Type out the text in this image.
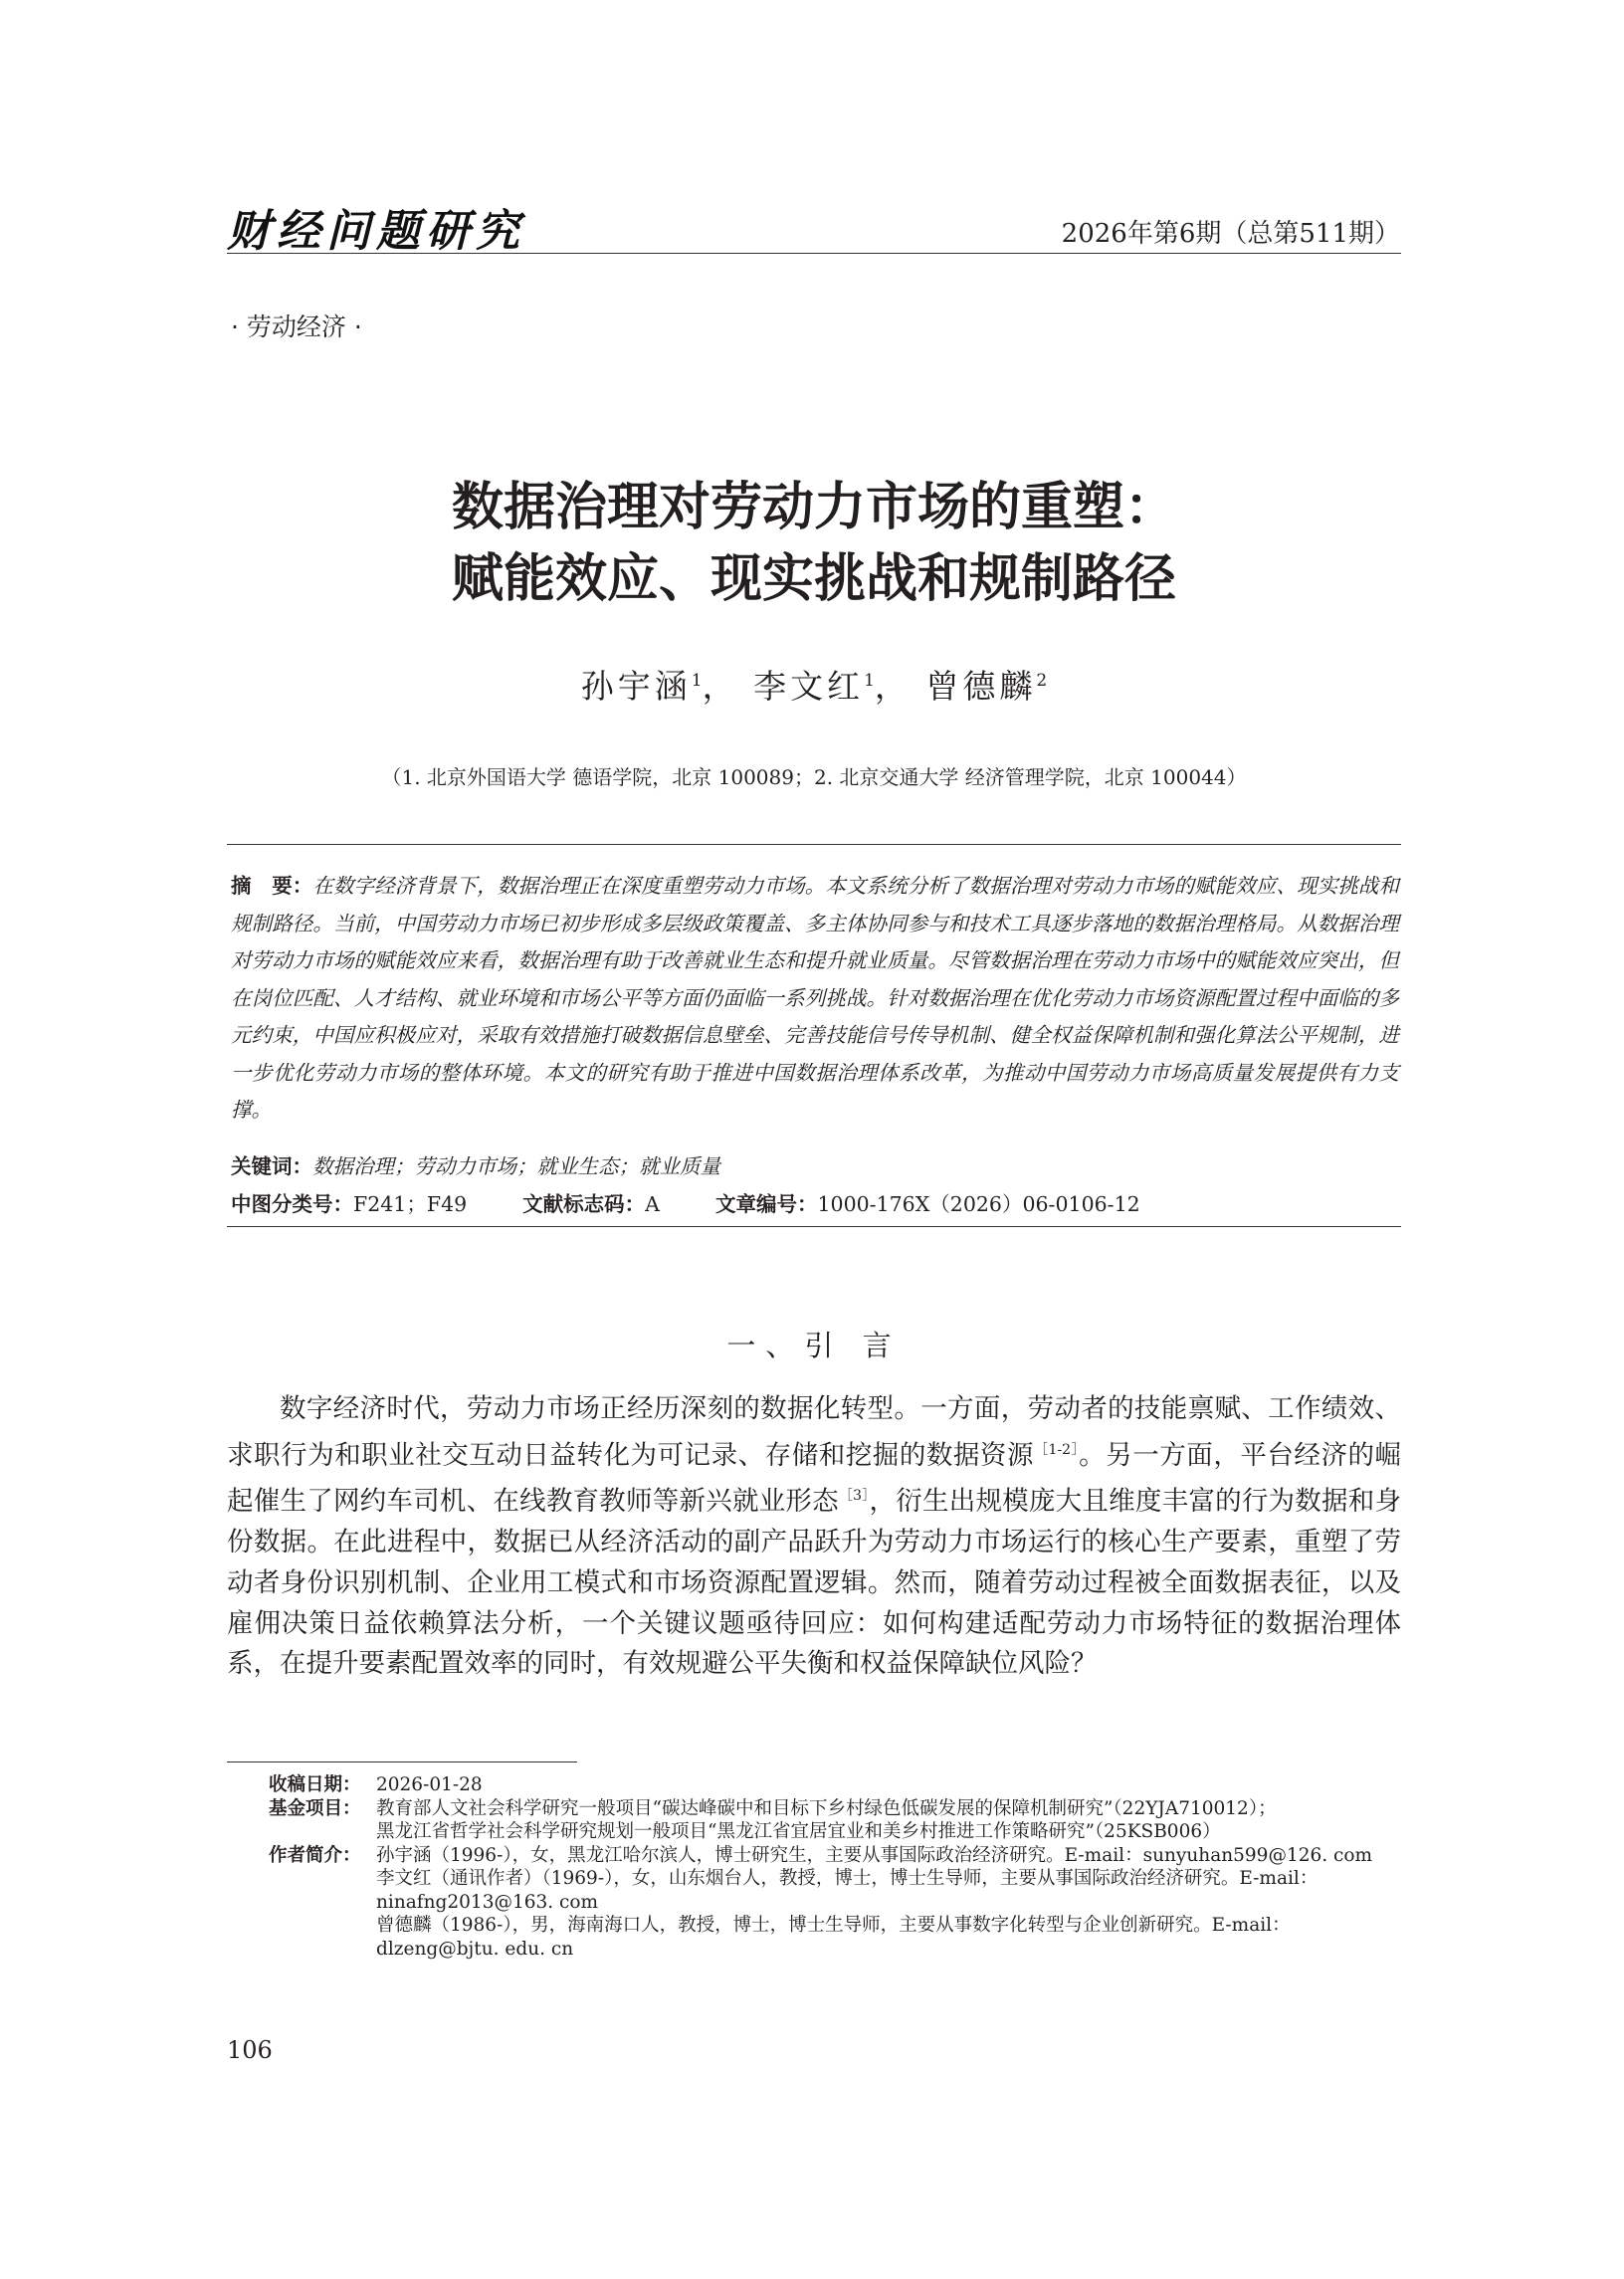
财经问题研究	2026年第6期（总第511期）
· 劳动经济 ·
数据治理对劳动力市场的重塑：
赋能效应、现实挑战和规制路径
孙宇涵$^1$， 李文红$^1$， 曾德麟$^2$
（1. 北京外国语大学 德语学院，北京 100089；2. 北京交通大学 经济管理学院，北京 100044）
摘　要：在数字经济背景下，数据治理正在深度重塑劳动力市场。本文系统分析了数据治理对劳动力市场的赋能效应、现实挑战和规制路径。当前，中国劳动力市场已初步形成多层级政策覆盖、多主体协同参与和技术工具逐步落地的数据治理格局。从数据治理对劳动力市场的赋能效应来看，数据治理有助于改善就业生态和提升就业质量。尽管数据治理在劳动力市场中的赋能效应突出，但在岗位匹配、人才结构、就业环境和市场公平等方面仍面临一系列挑战。针对数据治理在优化劳动力市场资源配置过程中面临的多元约束，中国应积极应对，采取有效措施打破数据信息壁垒、完善技能信号传导机制、健全权益保障机制和强化算法公平规制，进一步优化劳动力市场的整体环境。本文的研究有助于推进中国数据治理体系改革，为推动中国劳动力市场高质量发展提供有力支撑。
关键词：数据治理；劳动力市场；就业生态；就业质量
中图分类号：F241；F49	文献标志码：A	文章编号：1000-176X（2026）06-0106-12
一、引 言

数字经济时代，劳动力市场正经历深刻的数据化转型。一方面，劳动者的技能禀赋、工作绩效、求职行为和职业社交互动日益转化为可记录、存储和挖掘的数据资源$^{[1-2]}$。另一方面，平台经济的崛起催生了网约车司机、在线教育教师等新兴就业形态$^{[3]}$，衍生出规模庞大且维度丰富的行为数据和身份数据。在此进程中，数据已从经济活动的副产品跃升为劳动力市场运行的核心生产要素，重塑了劳动者身份识别机制、企业用工模式和市场资源配置逻辑。然而，随着劳动过程被全面数据表征，以及雇佣决策日益依赖算法分析，一个关键议题亟待回应：如何构建适配劳动力市场特征的数据治理体系，在提升要素配置效率的同时，有效规避公平失衡和权益保障缺位风险？

收稿日期： 2026-01-28
基金项目： 教育部人文社会科学研究一般项目“碳达峰碳中和目标下乡村绿色低碳发展的保障机制研究”（22YJA710012）；
黑龙江省哲学社会科学研究规划一般项目“黑龙江省宜居宜业和美乡村推进工作策略研究”（25KSB006）
作者简介： 孙宇涵（1996-），女，黑龙江哈尔滨人，博士研究生，主要从事国际政治经济研究。E-mail：sunyuhan599@126. com
李文红（通讯作者）（1969-），女，山东烟台人，教授，博士，博士生导师，主要从事国际政治经济研究。E-mail：ninafng2013@163. com
曾德麟（1986-），男，海南海口人，教授，博士，博士生导师，主要从事数字化转型与企业创新研究。E-mail：dlzeng@bjtu. edu. cn
106
